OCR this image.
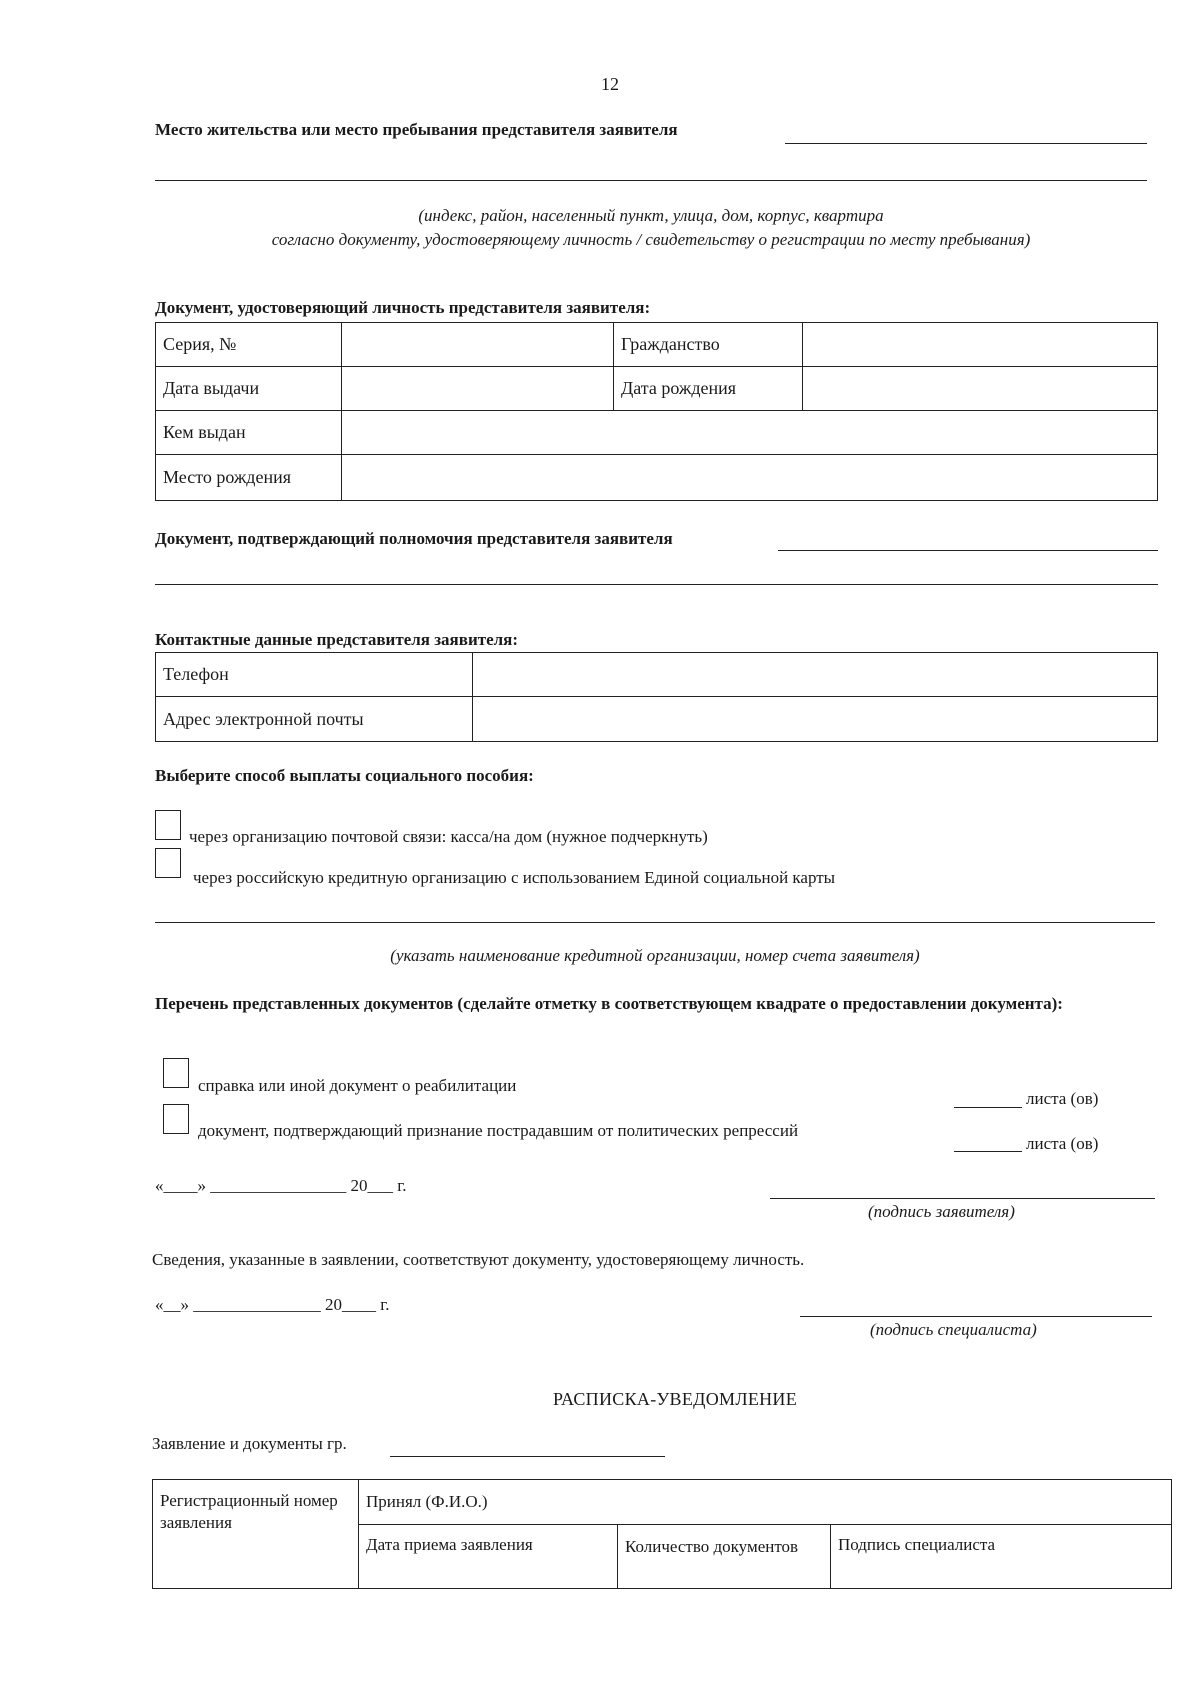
12
Место жительства или место пребывания представителя заявителя
(индекс, район, населенный пункт, улица, дом, корпус, квартира
согласно документу, удостоверяющему личность / свидетельству о регистрации по месту пребывания)
Документ, удостоверяющий личность представителя заявителя:
Серия, №		Гражданство	
Дата выдачи		Дата рождения	
Кем выдан			
Место рождения			
Документ, подтверждающий полномочия представителя заявителя
Контактные данные представителя заявителя:
Телефон	
Адрес электронной почты	
Выберите способ выплаты социального пособия:
через организацию почтовой связи: касса/на дом (нужное подчеркнуть)
через российскую кредитную организацию с использованием Единой социальной карты
(указать наименование кредитной организации, номер счета заявителя)
Перечень представленных документов (сделайте отметку в соответствующем квадрате о предоставлении документа):
справка или иной документ о реабилитации
листа (ов)
документ, подтверждающий признание пострадавшим от политических репрессий
листа (ов)
«____» ________________ 20___ г.
(подпись заявителя)
Сведения, указанные в заявлении, соответствуют документу, удостоверяющему личность.
«__» _______________ 20____ г.
(подпись специалиста)
РАСПИСКА-УВЕДОМЛЕНИЕ
Заявление и документы гр.
Регистрационный номер заявления	Принял (Ф.И.О.)		
	Дата приема заявления	Количество документов	Подпись специалиста
